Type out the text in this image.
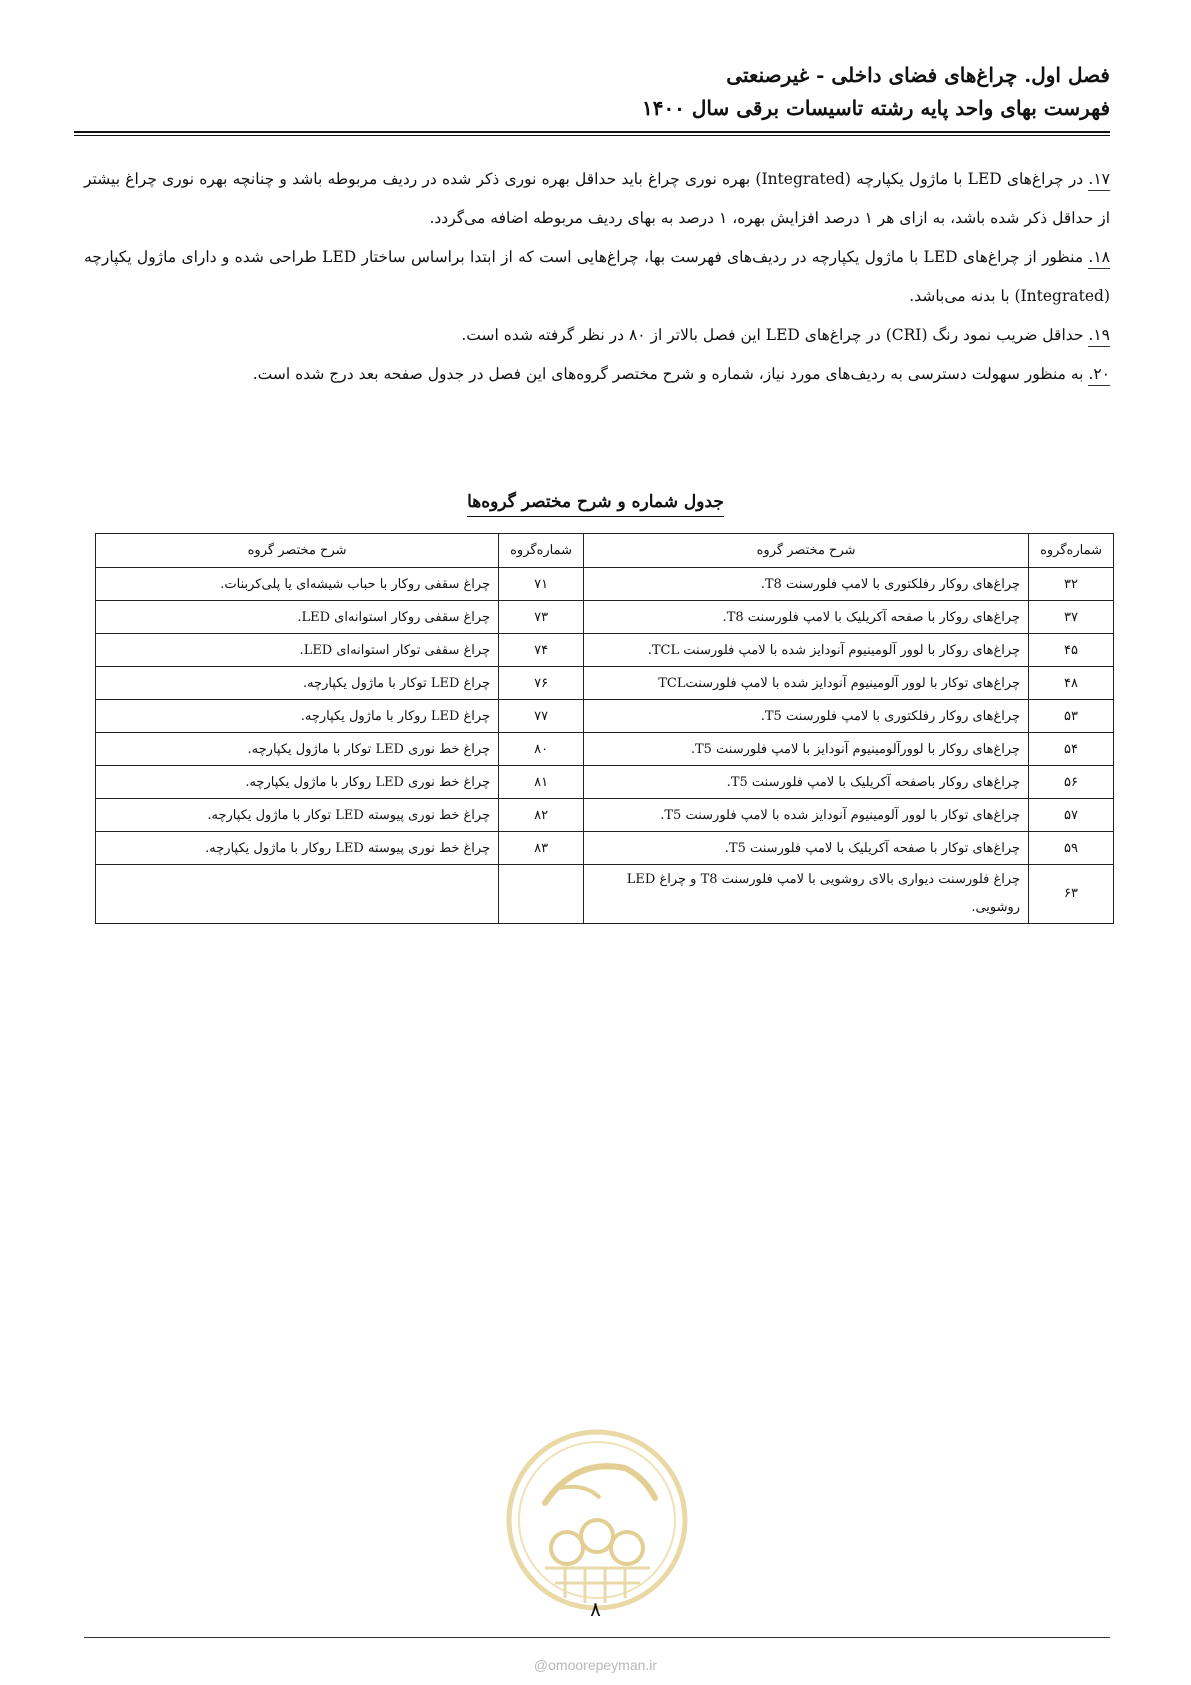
فصل اول. چراغ‌های فضای داخلی - غیرصنعتی
فهرست بهای واحد پایه رشته تاسیسات برقی سال ۱۴۰۰

۱۷. در چراغ‌های LED با ماژول یکپارچه (Integrated) بهره نوری چراغ باید حداقل بهره نوری ذکر شده در ردیف مربوطه باشد و چنانچه بهره نوری چراغ بیشتر از حداقل ذکر شده باشد، به ازای هر ۱ درصد افزایش بهره، ۱ درصد به بهای ردیف مربوطه اضافه می‌گردد.

۱۸. منظور از چراغ‌های LED با ماژول یکپارچه در ردیف‌های فهرست بها، چراغ‌هایی است که از ابتدا براساس ساختار LED طراحی شده و دارای ماژول یکپارچه (Integrated) با بدنه می‌باشد.

۱۹. حداقل ضریب نمود رنگ (CRI) در چراغ‌های LED این فصل بالاتر از ۸۰ در نظر گرفته شده است.

۲۰. به منظور سهولت دسترسی به ردیف‌های مورد نیاز، شماره و شرح مختصر گروه‌های این فصل در جدول صفحه بعد درج شده است.

جدول شماره و شرح مختصر گروه‌ها
شماره‌گروه	شرح مختصر گروه	شماره‌گروه	شرح مختصر گروه
۳۲	چراغ‌های روکار رفلکتوری با لامپ فلورسنت T8.	۷۱	چراغ سقفی روکار با حباب شیشه‌ای یا پلی‌کربنات.
۳۷	چراغ‌های روکار با صفحه آکریلیک با لامپ فلورسنت T8.	۷۳	چراغ سقفی روکار استوانه‌ای LED.
۴۵	چراغ‌های روکار با لوور آلومینیوم آنودایز شده با لامپ فلورسنت TCL.	۷۴	چراغ سقفی توکار استوانه‌ای LED.
۴۸	چراغ‌های توکار با لوور آلومینیوم آنودایز شده با لامپ فلورسنتTCL	۷۶	چراغ LED توکار با ماژول یکپارچه.
۵۳	چراغ‌های روکار رفلکتوری با لامپ فلورسنت T5.	۷۷	چراغ LED روکار با ماژول یکپارچه.
۵۴	چراغ‌های روکار با لوورآلومینیوم آنودایز با لامپ فلورسنت T5.	۸۰	چراغ خط نوری LED توکار با ماژول یکپارچه.
۵۶	چراغ‌های روکار باصفحه آکریلیک با لامپ فلورسنت T5.	۸۱	چراغ خط نوری LED روکار با ماژول یکپارچه.
۵۷	چراغ‌های توکار با لوور آلومینیوم آنودایز شده با لامپ فلورسنت T5.	۸۲	چراغ خط نوری پیوسته LED توکار با ماژول یکپارچه.
۵۹	چراغ‌های توکار با صفحه آکریلیک با لامپ فلورسنت T5.	۸۳	چراغ خط نوری پیوسته LED روکار با ماژول یکپارچه.
۶۳	چراغ فلورسنت دیواری بالای روشویی با لامپ فلورسنت T8 و چراغ LED روشویی.		
۸
@omoorepeyman.ir
